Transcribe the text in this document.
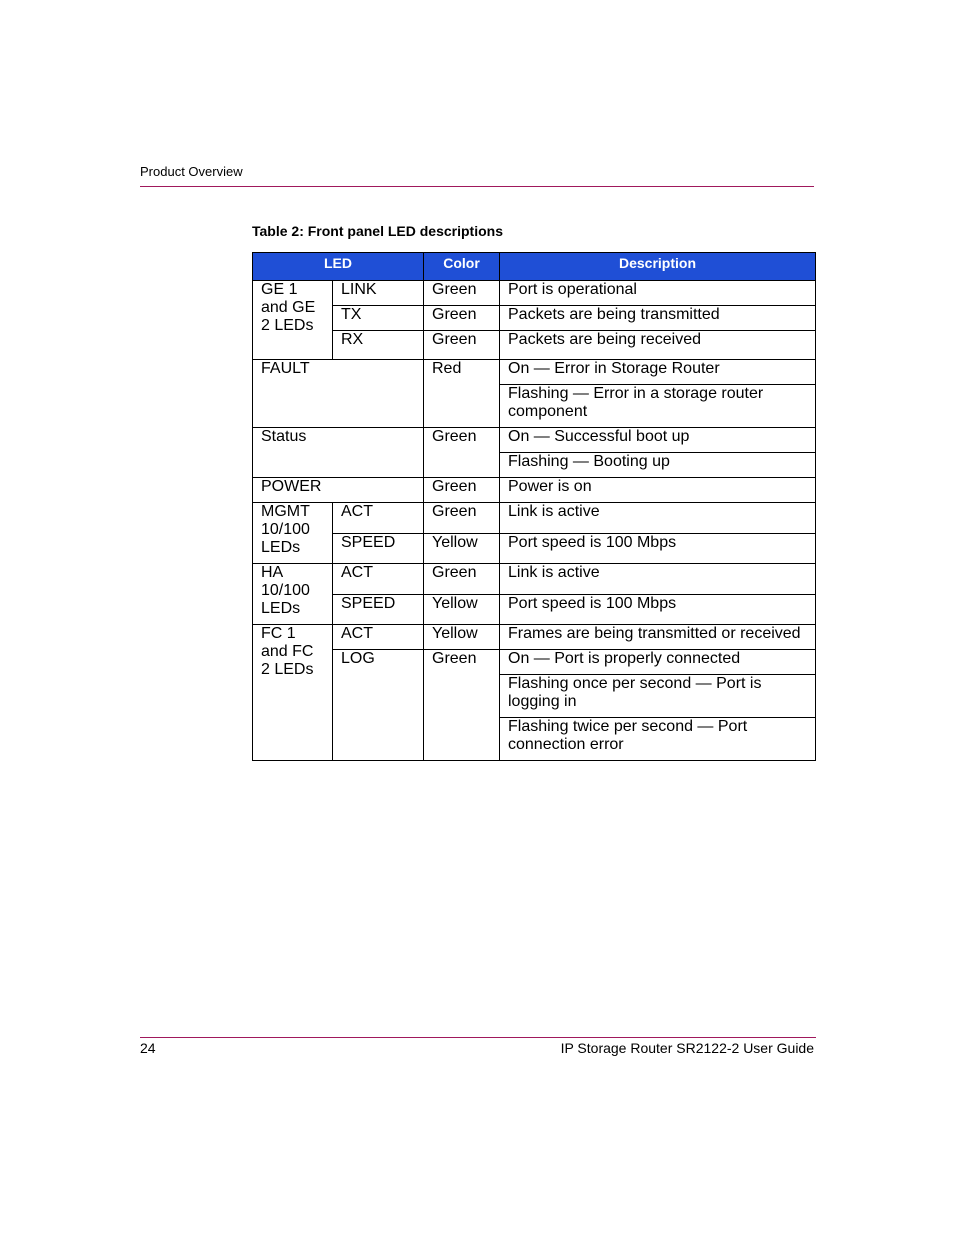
Product Overview
Table 2: Front panel LED descriptions
LED		Color	Description
GE 1 and GE 2 LEDs	LINK	Green	Port is operational
	TX	Green	Packets are being transmitted
	RX	Green	Packets are being received
FAULT		Red	On — Error in Storage Router
			Flashing — Error in a storage router component
Status		Green	On — Successful boot up
			Flashing — Booting up
POWER		Green	Power is on
MGMT 10/100 LEDs	ACT	Green	Link is active
	SPEED	Yellow	Port speed is 100 Mbps
HA 10/100 LEDs	ACT	Green	Link is active
	SPEED	Yellow	Port speed is 100 Mbps
FC 1 and FC 2 LEDs	ACT	Yellow	Frames are being transmitted or received
	LOG	Green	On — Port is properly connected
			Flashing once per second — Port is logging in
			Flashing twice per second — Port connection error
24	IP Storage Router SR2122-2 User Guide
